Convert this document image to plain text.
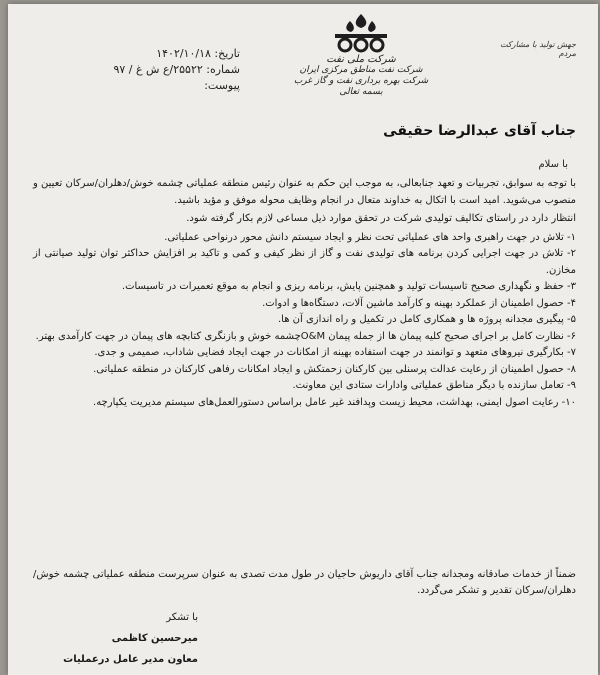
تاریخ: ۱۴۰۲/۱۰/۱۸
شماره: ۲۵۵۲۲/ع ش غ / ۹۷
پیوست:
شرکت ملی نفت
شرکت نفت مناطق مرکزی ایران
شرکت بهره برداری نفت و گاز غرب
بسمه تعالی
جهش تولید با مشارکت مردم
جناب آقای عبدالرضا حقیقی
با سلام

با توجه به سوابق، تجربیات و تعهد جنابعالی، به موجب این حکم به عنوان رئیس منطقه عملیاتی چشمه خوش/دهلران/سرکان تعیین و منصوب می‌شوید. امید است با اتکال به خداوند متعال در انجام وظایف محوله موفق و مؤید باشید.

انتظار دارد در راستای تکالیف تولیدی شرکت در تحقق موارد ذیل مساعی لازم بکار گرفته شود.

۱- تلاش در جهت راهبری واحد های عملیاتی تحت نظر و ایجاد سیستم دانش محور درنواحی عملیاتی.

۲- تلاش در جهت اجرایی کردن برنامه های تولیدی نفت و گاز از نظر کیفی و کمی و تاکید بر افزایش حداکثر توان تولید صیانتی از مخازن.

۳- حفظ و نگهداری صحیح تاسیسات تولید و همچنین پایش، برنامه ریزی و انجام به موقع تعمیرات در تاسیسات.

۴- حصول اطمینان از عملکرد بهینه و کارآمد ماشین آلات، دستگاه‌ها و ادوات.

۵- پیگیری مجدانه پروژه ها و همکاری کامل در تکمیل و راه اندازی آن ها.

۶- نظارت کامل بر اجرای صحیح کلیه پیمان ها از جمله پیمان O&Mچشمه خوش و بازنگری کتابچه های پیمان در جهت کارآمدی بهتر.

۷- بکارگیری نیروهای متعهد و توانمند در جهت استفاده بهینه از امکانات در جهت ایجاد فضایی شاداب، صمیمی و جدی.

۸- حصول اطمینان از رعایت عدالت پرسنلی بین کارکنان زحمتکش و ایجاد امکانات رفاهی کارکنان در منطقه عملیاتی.

۹- تعامل سازنده با دیگر مناطق عملیاتی وادارات ستادی این معاونت.

۱۰- رعایت اصول ایمنی، بهداشت، محیط زیست وپدافند غیر عامل براساس دستورالعمل‌های سیستم مدیریت یکپارچه.

ضمناً از خدمات صادقانه ومجدانه جناب آقای داریوش حاجیان در طول مدت تصدی به عنوان سرپرست منطقه عملیاتی چشمه خوش/دهلران/سرکان تقدیر و تشکر می‌گردد.
با تشکر
میرحسین کاظمی
معاون مدیر عامل درعملیات
